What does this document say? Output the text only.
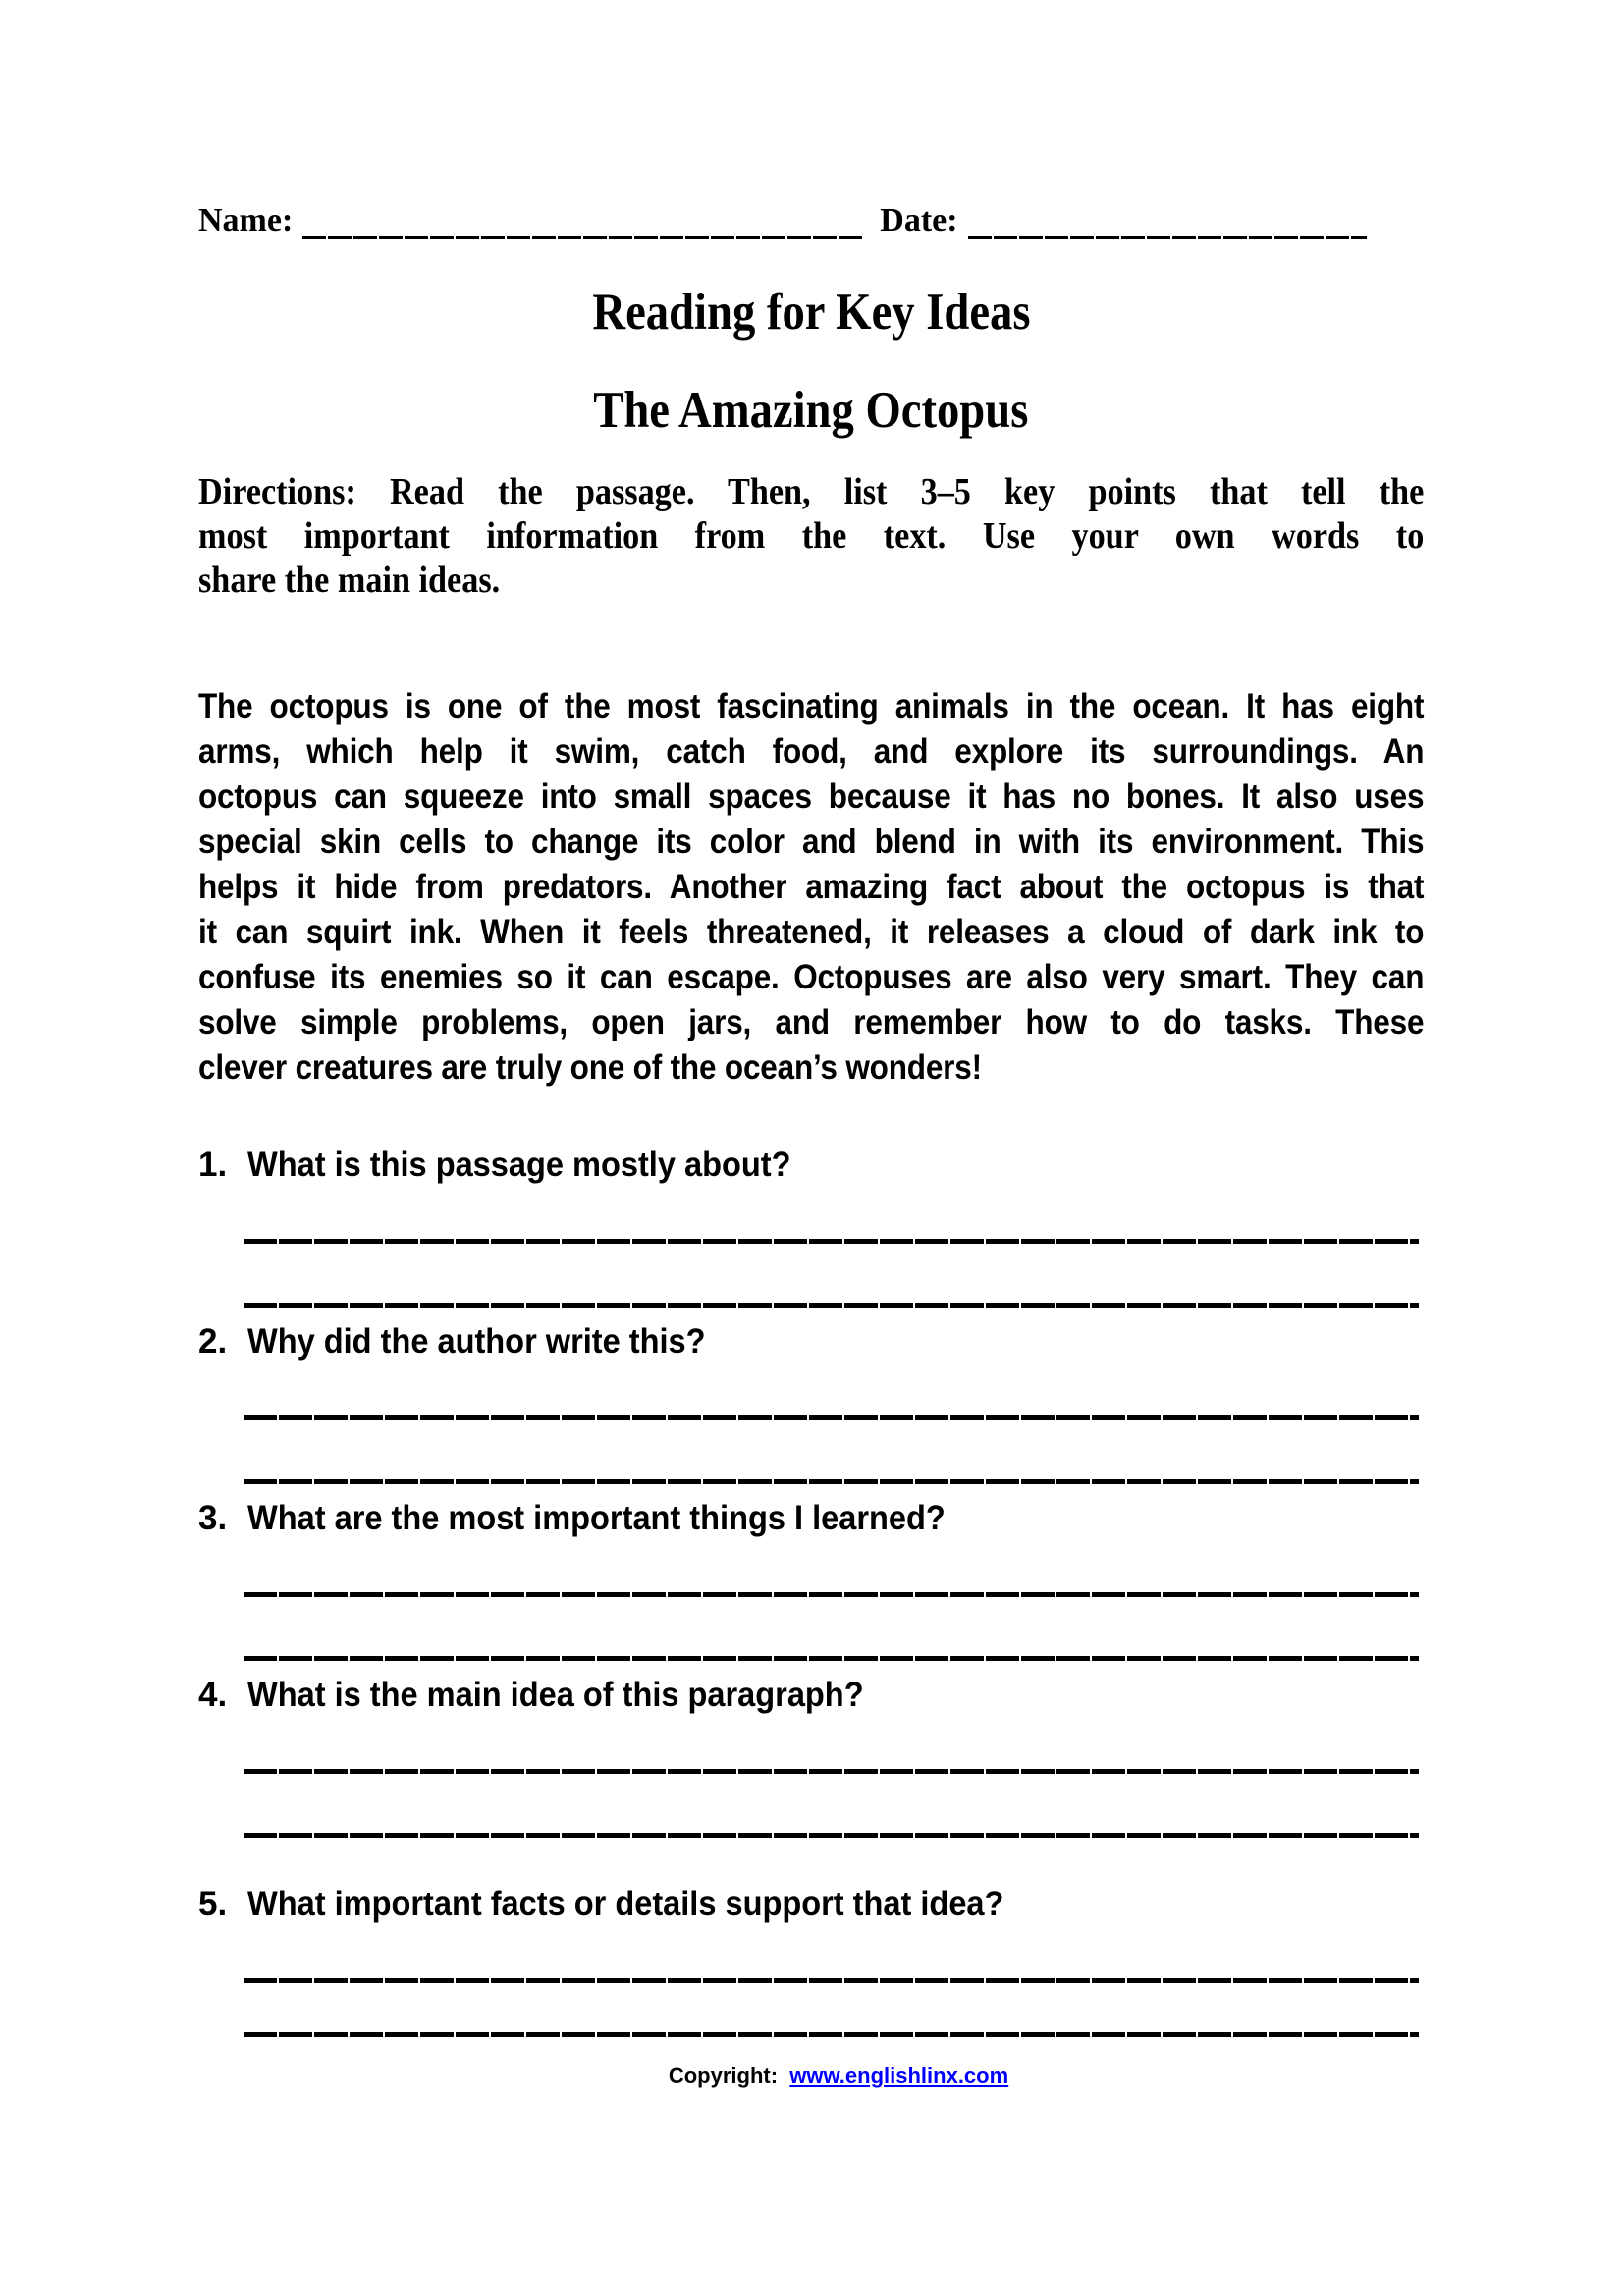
Name:	Date:
Reading for Key Ideas
The Amazing Octopus
Directions: Read the passage. Then, list 3–5 key points that tell the
most important information from the text. Use your own words to
share the main ideas.
The octopus is one of the most fascinating animals in the ocean. It has eight
arms, which help it swim, catch food, and explore its surroundings. An
octopus can squeeze into small spaces because it has no bones. It also uses
special skin cells to change its color and blend in with its environment. This
helps it hide from predators. Another amazing fact about the octopus is that
it can squirt ink. When it feels threatened, it releases a cloud of dark ink to
confuse its enemies so it can escape. Octopuses are also very smart. They can
solve simple problems, open jars, and remember how to do tasks. These
clever creatures are truly one of the ocean’s wonders!
1. What is this passage mostly about?
2. Why did the author write this?
3. What are the most important things I learned?
4. What is the main idea of this paragraph?
5. What important facts or details support that idea?
Copyright: www.englishlinx.com
